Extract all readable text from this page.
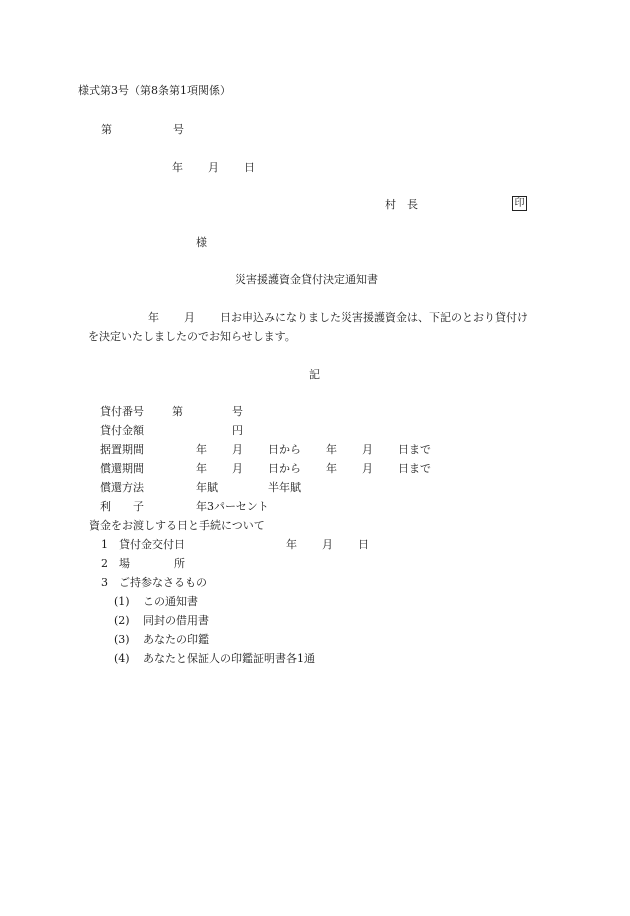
様式第3号（第8条第1項関係）
第	号
年 月 日
村　長	印
様
災害援護資金貸付決定通知書
年 月 日お申込みになりました災害援護資金は、下記のとおり貸付け
を決定いたしましたのでお知らせします。
記
貸付番号	第	号
貸付金額	円
据置期間	年 月 日から 年 月 日まで
償還期間	年 月 日から 年 月 日まで
償還方法	年賦	半年賦
利　　子	年3パーセント
資金をお渡しする日と手続について
1 貸付金交付日	年 月 日
2 場　　　　所
3 ご持参なさるもの
(1) この通知書
(2) 同封の借用書
(3) あなたの印鑑
(4) あなたと保証人の印鑑証明書各1通
